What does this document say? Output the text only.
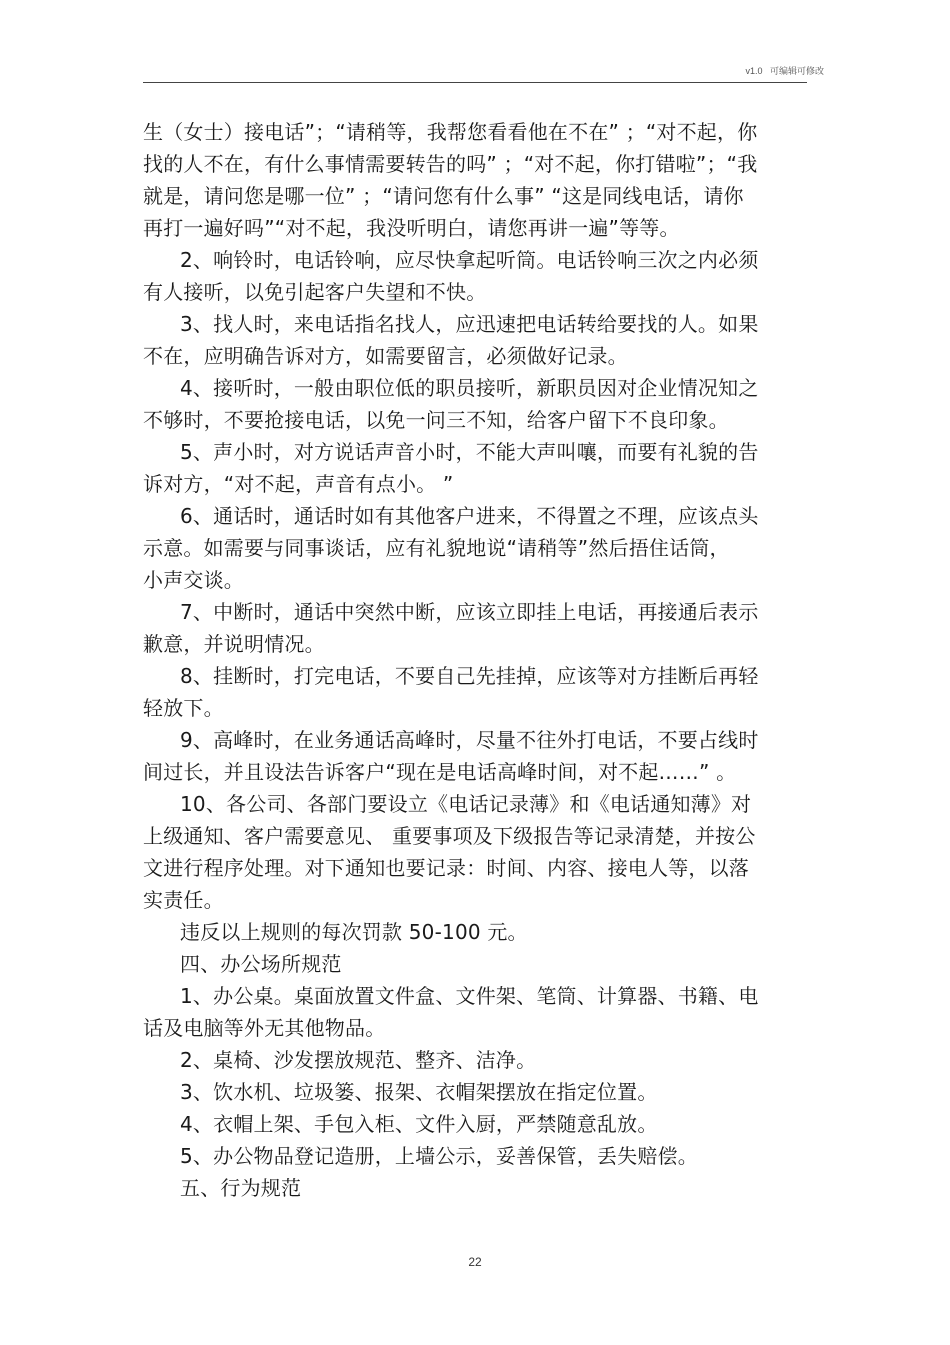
v1.0 可编辑可修改

生（女士）接电话”；“请稍等，我帮您看看他在不在” ；“对不起，你

找的人不在，有什么事情需要转告的吗” ；“对不起，你打错啦”；“我

就是，请问您是哪一位” ；“请问您有什么事” “这是同线电话，请你

再打一遍好吗”“对不起，我没听明白，请您再讲一遍”等等。

2、响铃时，电话铃响，应尽快拿起听筒。电话铃响三次之内必须

有人接听，以免引起客户失望和不快。

3、找人时，来电话指名找人，应迅速把电话转给要找的人。如果

不在，应明确告诉对方，如需要留言，必须做好记录。

4、接听时，一般由职位低的职员接听，新职员因对企业情况知之

不够时，不要抢接电话，以免一问三不知，给客户留下不良印象。

5、声小时，对方说话声音小时，不能大声叫嚷，而要有礼貌的告

诉对方，“对不起，声音有点小。 ”

6、通话时，通话时如有其他客户进来，不得置之不理，应该点头

示意。如需要与同事谈话，应有礼貌地说“请稍等”然后捂住话筒，

小声交谈。

7、中断时，通话中突然中断，应该立即挂上电话，再接通后表示

歉意，并说明情况。

8、挂断时，打完电话，不要自己先挂掉，应该等对方挂断后再轻

轻放下。

9、高峰时，在业务通话高峰时，尽量不往外打电话，不要占线时

间过长，并且设法告诉客户“现在是电话高峰时间，对不起……” 。

10、各公司、各部门要设立《电话记录薄》和《电话通知薄》对

上级通知、客户需要意见、 重要事项及下级报告等记录清楚，并按公

文进行程序处理。对下通知也要记录：时间、内容、接电人等，以落

实责任。

违反以上规则的每次罚款 50-100 元。

四、办公场所规范

1、办公桌。桌面放置文件盒、文件架、笔筒、计算器、书籍、电

话及电脑等外无其他物品。

2、桌椅、沙发摆放规范、整齐、洁净。

3、饮水机、垃圾篓、报架、衣帽架摆放在指定位置。

4、衣帽上架、手包入柜、文件入厨，严禁随意乱放。

5、办公物品登记造册，上墙公示，妥善保管，丢失赔偿。

五、行为规范

22
